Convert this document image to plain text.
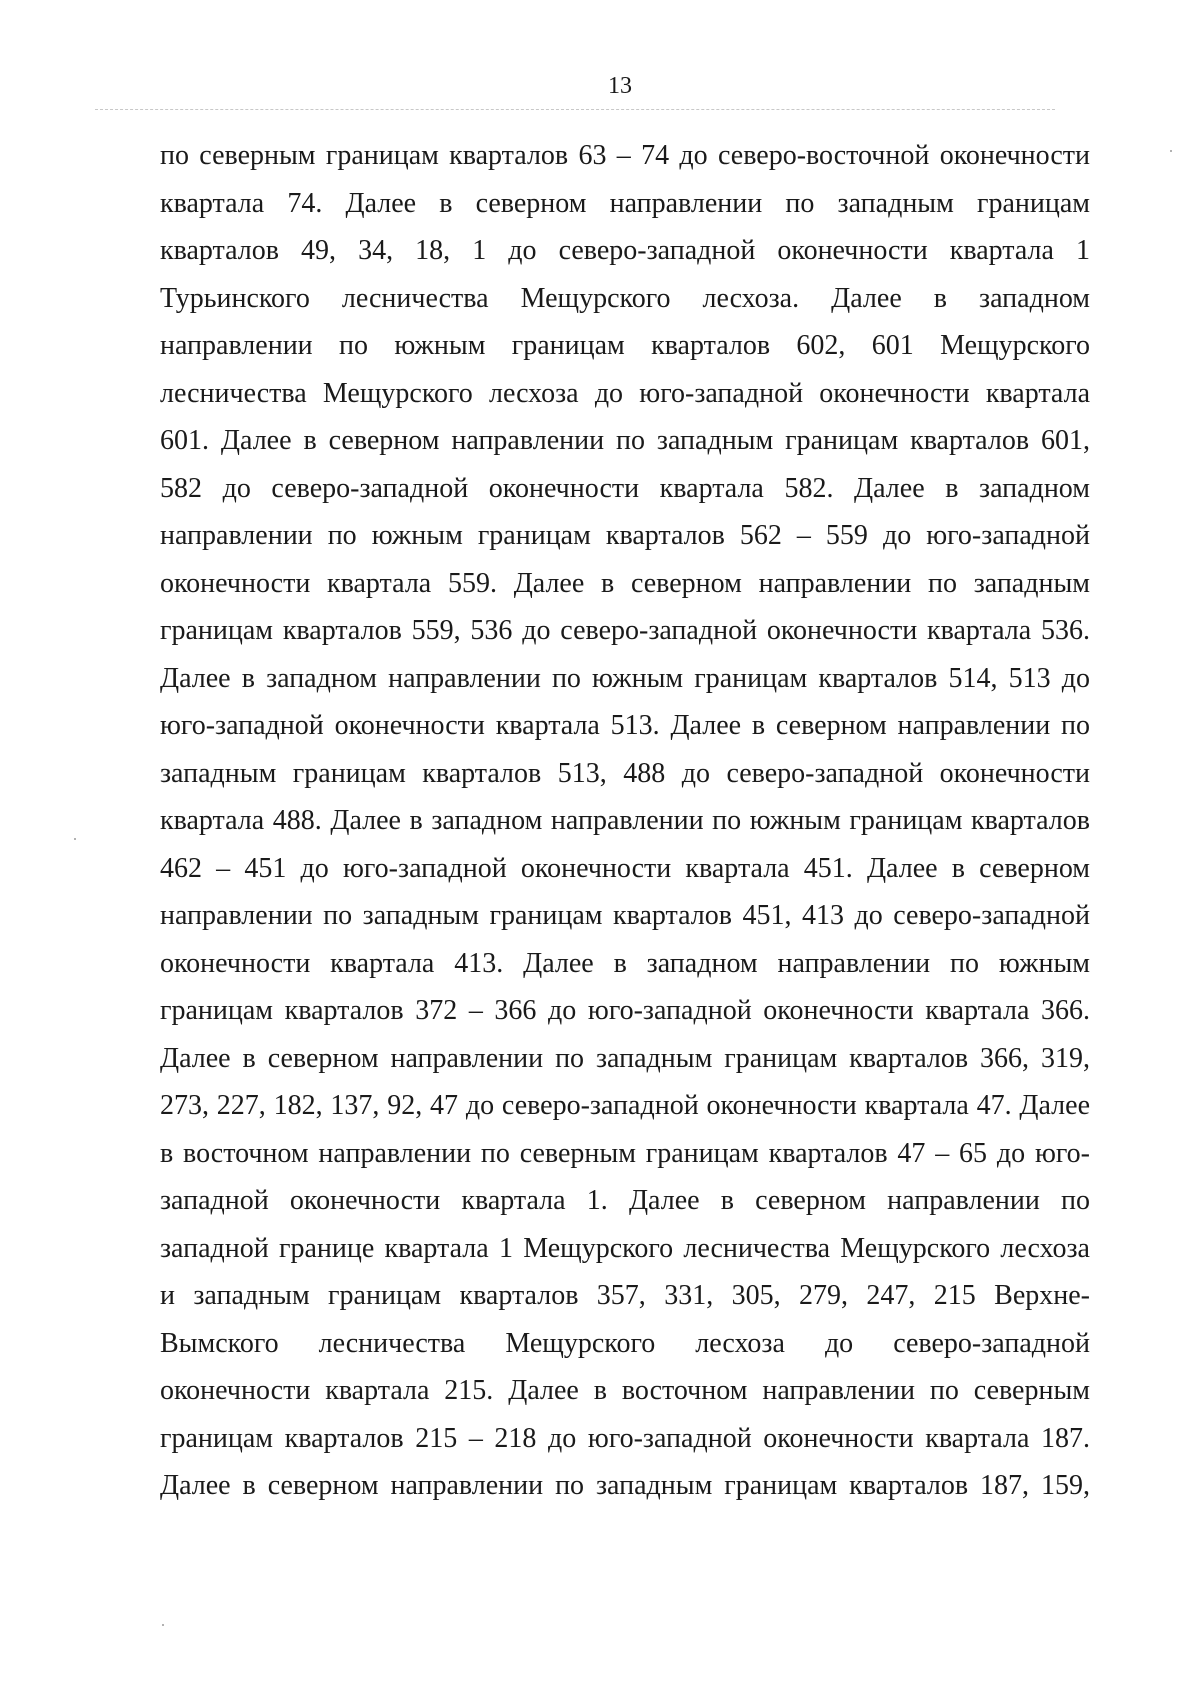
13
по северным границам кварталов 63 – 74 до северо-восточной оконечности
квартала 74. Далее в северном направлении по западным границам
кварталов 49, 34, 18, 1 до северо-западной оконечности квартала 1
Турьинского лесничества Мещурского лесхоза. Далее в западном
направлении по южным границам кварталов 602, 601 Мещурского
лесничества Мещурского лесхоза до юго-западной оконечности квартала
601. Далее в северном направлении по западным границам кварталов 601,
582 до северо-западной оконечности квартала 582. Далее в западном
направлении по южным границам кварталов 562 – 559 до юго-западной
оконечности квартала 559. Далее в северном направлении по западным
границам кварталов 559, 536 до северо-западной оконечности квартала 536.
Далее в западном направлении по южным границам кварталов 514, 513 до
юго-западной оконечности квартала 513. Далее в северном направлении по
западным границам кварталов 513, 488 до северо-западной оконечности
квартала 488. Далее в западном направлении по южным границам кварталов
462 – 451 до юго-западной оконечности квартала 451. Далее в северном
направлении по западным границам кварталов 451, 413 до северо-западной
оконечности квартала 413. Далее в западном направлении по южным
границам кварталов 372 – 366 до юго-западной оконечности квартала 366.
Далее в северном направлении по западным границам кварталов 366, 319,
273, 227, 182, 137, 92, 47 до северо-западной оконечности квартала 47. Далее
в восточном направлении по северным границам кварталов 47 – 65 до юго-
западной оконечности квартала 1. Далее в северном направлении по
западной границе квартала 1 Мещурского лесничества Мещурского лесхоза
и западным границам кварталов 357, 331, 305, 279, 247, 215 Верхне-
Вымского лесничества Мещурского лесхоза до северо-западной
оконечности квартала 215. Далее в восточном направлении по северным
границам кварталов 215 – 218 до юго-западной оконечности квартала 187.
Далее в северном направлении по западным границам кварталов 187, 159,
